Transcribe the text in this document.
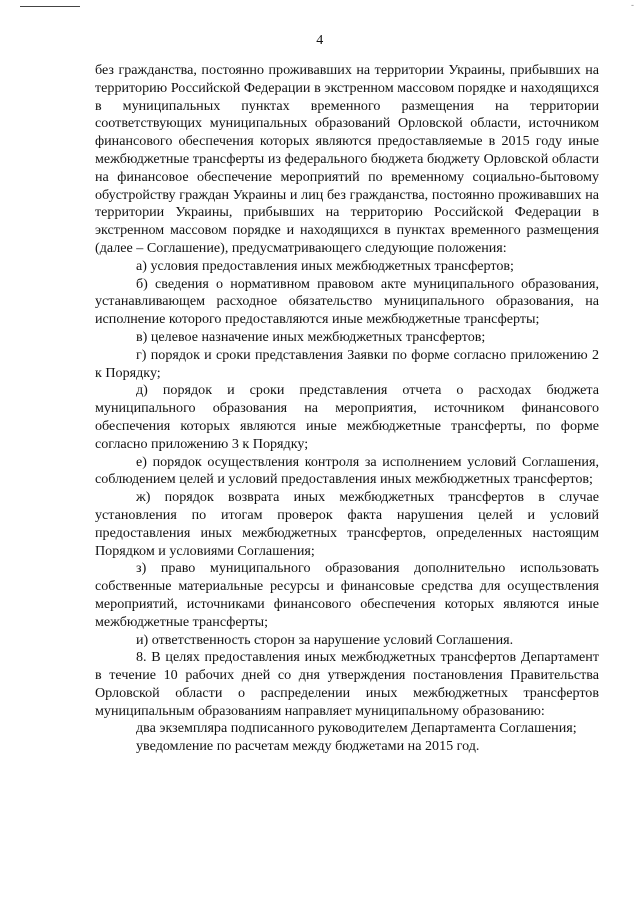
-
4

без гражданства, постоянно проживавших на территории Украины, прибывших на территорию Российской Федерации в экстренном массовом порядке и находящихся в муниципальных пунктах временного размещения на территории соответствующих муниципальных образований Орловской области, источником финансового обеспечения которых являются предоставляемые в 2015 году иные межбюджетные трансферты из федерального бюджета бюджету Орловской области на финансовое обеспечение мероприятий по временному социально-бытовому обустройству граждан Украины и лиц без гражданства, постоянно проживавших на территории Украины, прибывших на территорию Российской Федерации в экстренном массовом порядке и находящихся в пунктах временного размещения (далее – Соглашение), предусматривающего следующие положения:

а) условия предоставления иных межбюджетных трансфертов;

б) сведения о нормативном правовом акте муниципального образования, устанавливающем расходное обязательство муниципального образования, на исполнение которого предоставляются иные межбюджетные трансферты;

в) целевое назначение иных межбюджетных трансфертов;

г) порядок и сроки представления Заявки по форме согласно приложению 2 к Порядку;

д) порядок и сроки представления отчета о расходах бюджета муниципального образования на мероприятия, источником финансового обеспечения которых являются иные межбюджетные трансферты, по форме согласно приложению 3 к Порядку;

е) порядок осуществления контроля за исполнением условий Соглашения, соблюдением целей и условий предоставления иных межбюджетных трансфертов;

ж) порядок возврата иных межбюджетных трансфертов в случае установления по итогам проверок факта нарушения целей и условий предоставления иных межбюджетных трансфертов, определенных настоящим Порядком и условиями Соглашения;

з) право муниципального образования дополнительно использовать собственные материальные ресурсы и финансовые средства для осуществления мероприятий, источниками финансового обеспечения которых являются иные межбюджетные трансферты;

и) ответственность сторон за нарушение условий Соглашения.

8. В целях предоставления иных межбюджетных трансфертов Департамент в течение 10 рабочих дней со дня утверждения постановления Правительства Орловской области о распределении иных межбюджетных трансфертов муниципальным образованиям направляет муниципальному образованию:

два экземпляра подписанного руководителем Департамента Соглашения;

уведомление по расчетам между бюджетами на 2015 год.
